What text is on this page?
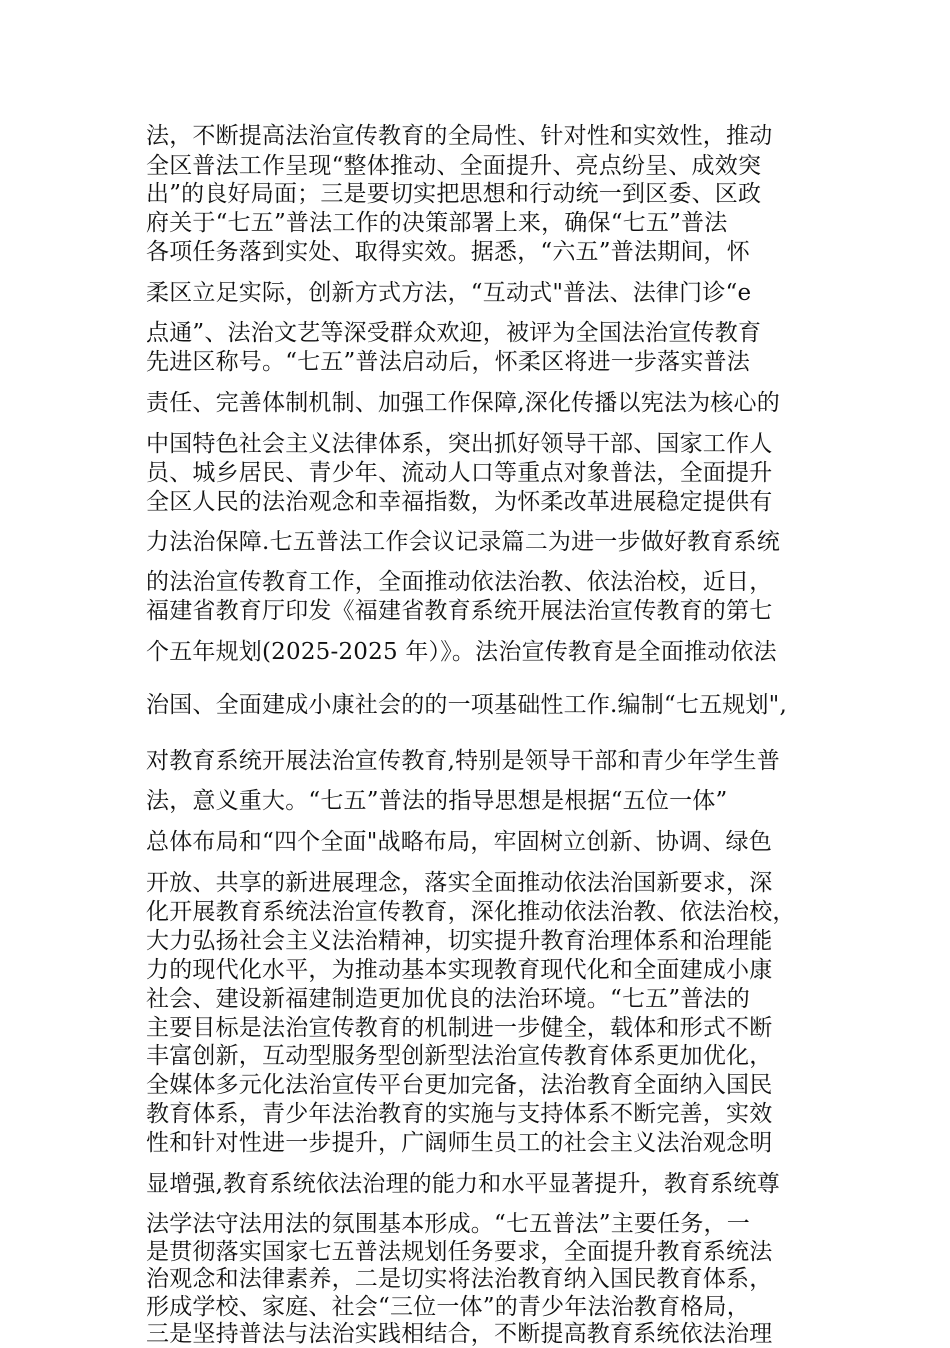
法，不断提高法治宣传教育的全局性、针对性和实效性，推动

全区普法工作呈现“整体推动、全面提升、亮点纷呈、成效突

出”的良好局面；三是要切实把思想和行动统一到区委、区政

府关于“七五”普法工作的决策部署上来，确保“七五”普法

各项任务落到实处、取得实效。据悉，“六五”普法期间，怀

柔区立足实际，创新方式方法，“互动式"普法、法律门诊“e

点通”、法治文艺等深受群众欢迎，被评为全国法治宣传教育

先进区称号。“七五”普法启动后，怀柔区将进一步落实普法

责任、完善体制机制、加强工作保障,深化传播以宪法为核心的

中国特色社会主义法律体系，突出抓好领导干部、国家工作人

员、城乡居民、青少年、流动人口等重点对象普法，全面提升

全区人民的法治观念和幸福指数，为怀柔改革进展稳定提供有

力法治保障.七五普法工作会议记录篇二为进一步做好教育系统

的法治宣传教育工作，全面推动依法治教、依法治校，近日，

福建省教育厅印发《福建省教育系统开展法治宣传教育的第七

个五年规划(2025-2025 年）》。法治宣传教育是全面推动依法

治国、全面建成小康社会的的一项基础性工作.编制“七五规划",

对教育系统开展法治宣传教育,特别是领导干部和青少年学生普

法，意义重大。“七五”普法的指导思想是根据“五位一体”

总体布局和“四个全面"战略布局，牢固树立创新、协调、绿色

开放、共享的新进展理念，落实全面推动依法治国新要求，深

化开展教育系统法治宣传教育，深化推动依法治教、依法治校，

大力弘扬社会主义法治精神，切实提升教育治理体系和治理能

力的现代化水平，为推动基本实现教育现代化和全面建成小康

社会、建设新福建制造更加优良的法治环境。“七五”普法的

主要目标是法治宣传教育的机制进一步健全，载体和形式不断

丰富创新，互动型服务型创新型法治宣传教育体系更加优化，

全媒体多元化法治宣传平台更加完备，法治教育全面纳入国民

教育体系，青少年法治教育的实施与支持体系不断完善，实效

性和针对性进一步提升，广阔师生员工的社会主义法治观念明

显增强,教育系统依法治理的能力和水平显著提升，教育系统尊

法学法守法用法的氛围基本形成。“七五普法”主要任务，一

是贯彻落实国家七五普法规划任务要求，全面提升教育系统法

治观念和法律素养，二是切实将法治教育纳入国民教育体系，

形成学校、家庭、社会“三位一体”的青少年法治教育格局，

三是坚持普法与法治实践相结合，不断提高教育系统依法治理
